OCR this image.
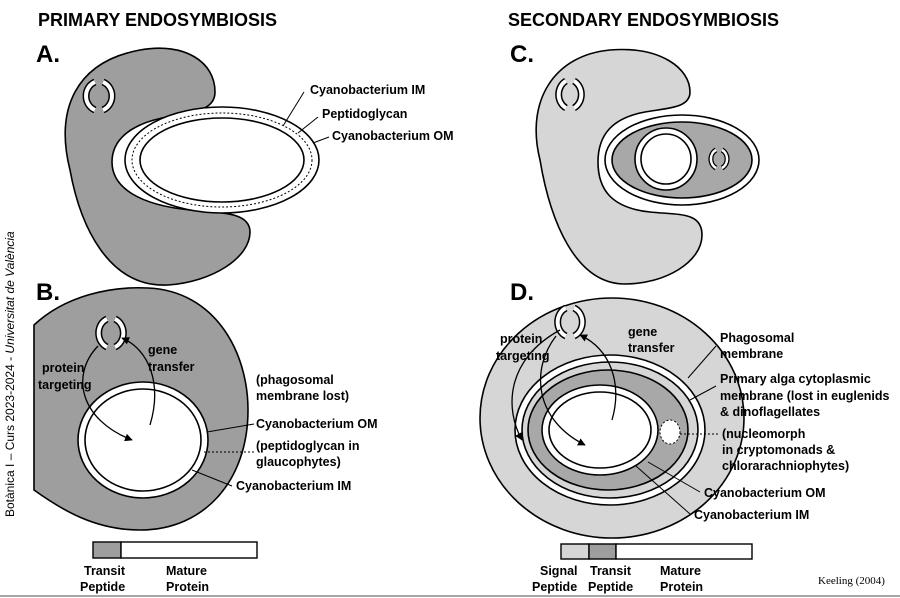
Botànica I – Curs 2023-2024 - Universitat de València
PRIMARY ENDOSYMBIOSIS
A.
Cyanobacterium IM
Peptidoglycan
Cyanobacterium OM
B.
protein
targeting
gene
transfer
(phagosomal
membrane lost)
Cyanobacterium OM
(peptidoglycan in
glaucophytes)
Cyanobacterium IM
Transit
Peptide
Mature
Protein
SECONDARY ENDOSYMBIOSIS
C.
D.
protein
targeting
gene
transfer
Phagosomal
membrane
Primary alga cytoplasmic
membrane (lost in euglenids
& dinoflagellates
(nucleomorph
in cryptomonads &
chlorarachniophytes)
Cyanobacterium OM
Cyanobacterium IM
Signal
Peptide
Transit
Peptide
Mature
Protein	Keeling (2004)
